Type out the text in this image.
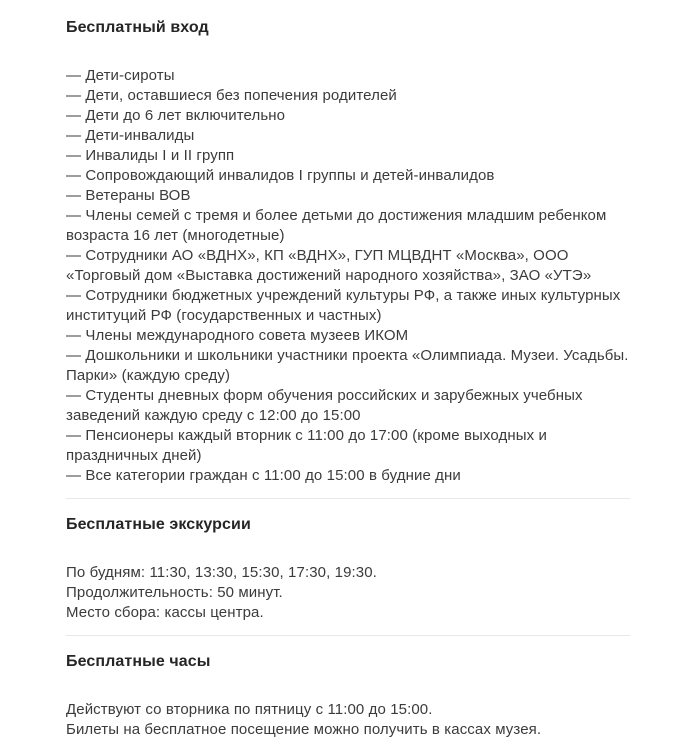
Бесплатный вход
— Дети-сироты
— Дети, оставшиеся без попечения родителей
— Дети до 6 лет включительно
— Дети-инвалиды
— Инвалиды I и II групп
— Сопровождающий инвалидов I группы и детей-инвалидов
— Ветераны ВОВ
— Члены семей с тремя и более детьми до достижения младшим ребенком возраста 16 лет (многодетные)
— Сотрудники АО «ВДНХ», КП «ВДНХ», ГУП МЦВДНТ «Москва», ООО «Торговый дом «Выставка достижений народного хозяйства», ЗАО «УТЭ»
— Сотрудники бюджетных учреждений культуры РФ, а также иных культурных институций РФ (государственных и частных)
— Члены международного совета музеев ИКОМ
— Дошкольники и школьники участники проекта «Олимпиада. Музеи. Усадьбы. Парки» (каждую среду)
— Студенты дневных форм обучения российских и зарубежных учебных заведений каждую среду с 12:00 до 15:00
— Пенсионеры каждый вторник с 11:00 до 17:00 (кроме выходных и праздничных дней)
— Все категории граждан с 11:00 до 15:00 в будние дни
Бесплатные экскурсии
По будням: 11:30, 13:30, 15:30, 17:30, 19:30.
Продолжительность: 50 минут.
Место сбора: кассы центра.
Бесплатные часы
Действуют со вторника по пятницу с 11:00 до 15:00.
Билеты на бесплатное посещение можно получить в кассах музея.
